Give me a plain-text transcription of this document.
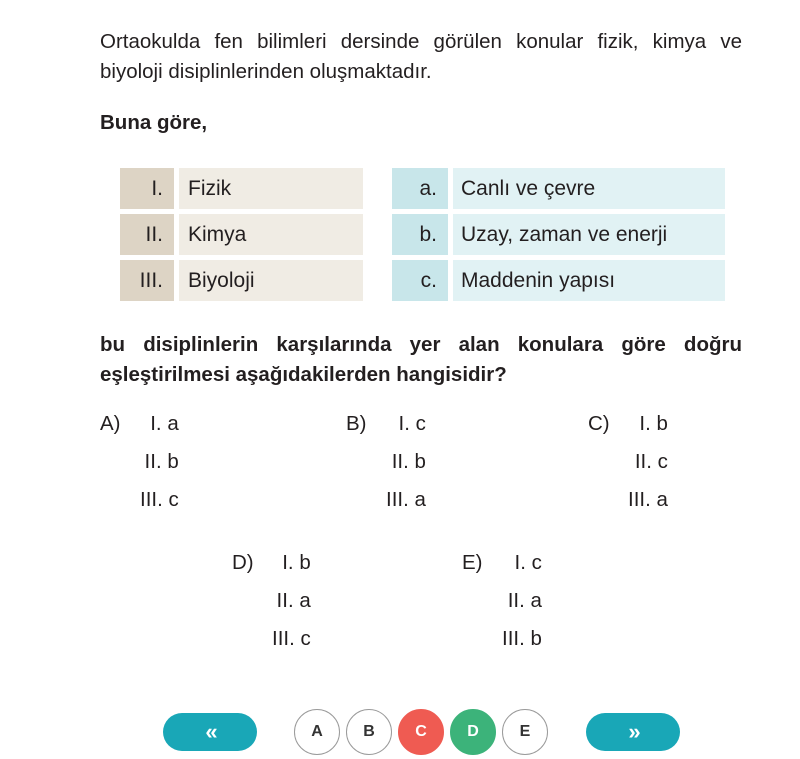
Ortaokulda fen bilimleri dersinde görülen konular fizik, kimya ve biyoloji disiplinlerinden oluşmaktadır.
Buna göre,
I.	Fizik
II.	Kimya
III.	Biyoloji
a.	Canlı ve çevre
b.	Uzay, zaman ve enerji
c.	Maddenin yapısı
bu disiplinlerin karşılarında yer alan konulara göre doğru eşleştirilmesi aşağıdakilerden hangisidir?
A)	I. a
II. b
III. c
B)	I. c
II. b
III. a
C)	I. b
II. c
III. a
D)	I. b
II. a
III. c
E)	I. c
II. a
III. b
«	A	B	C	D	E	»
